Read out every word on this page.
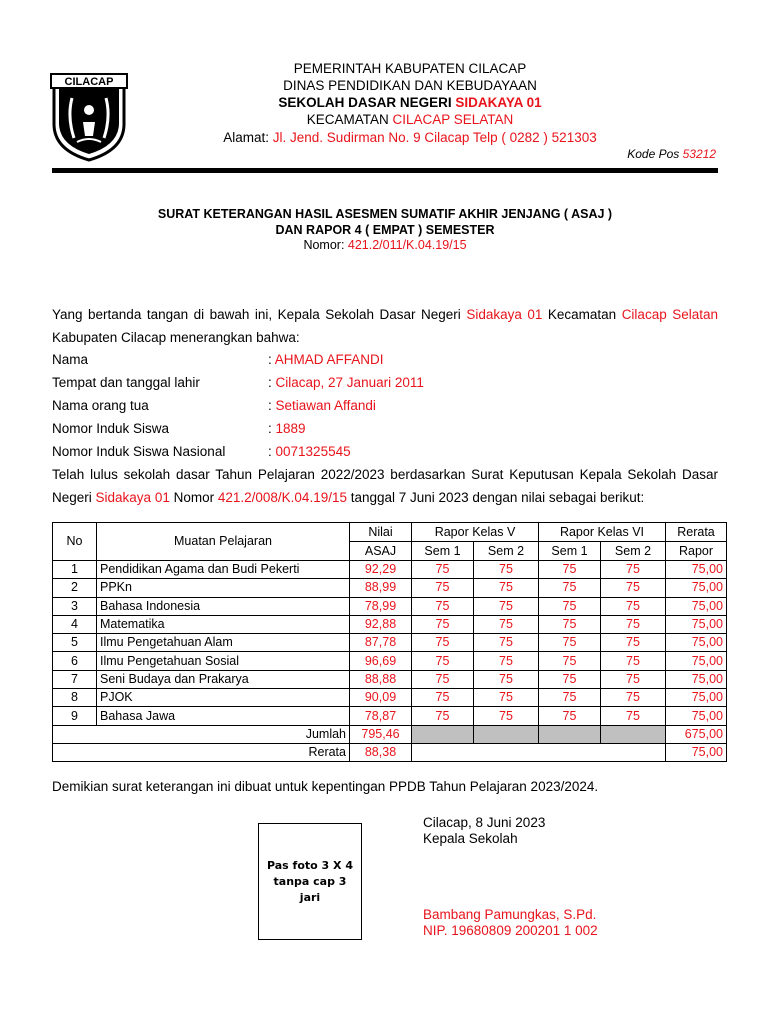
CILACAP
PEMERINTAH KABUPATEN CILACAP
DINAS PENDIDIKAN DAN KEBUDAYAAN
SEKOLAH DASAR NEGERI SIDAKAYA 01
KECAMATAN CILACAP SELATAN
Alamat: Jl. Jend. Sudirman No. 9 Cilacap Telp ( 0282 ) 521303
Kode Pos 53212
SURAT KETERANGAN HASIL ASESMEN SUMATIF AKHIR JENJANG ( ASAJ )
DAN RAPOR 4 ( EMPAT ) SEMESTER
Nomor: 421.2/011/K.04.19/15
Yang bertanda tangan di bawah ini, Kepala Sekolah Dasar Negeri Sidakaya 01 Kecamatan Cilacap Selatan Kabupaten Cilacap menerangkan bahwa:
Nama	: AHMAD AFFANDI
Tempat dan tanggal lahir	: Cilacap, 27 Januari 2011
Nama orang tua	: Setiawan Affandi
Nomor Induk Siswa	: 1889
Nomor Induk Siswa Nasional	: 0071325545
Telah lulus sekolah dasar Tahun Pelajaran 2022/2023 berdasarkan Surat Keputusan Kepala Sekolah Dasar Negeri Sidakaya 01 Nomor 421.2/008/K.04.19/15 tanggal 7 Juni 2023 dengan nilai sebagai berikut:
No	Muatan Pelajaran	Nilai	Rapor Kelas V		Rapor Kelas VI		Rerata
		ASAJ	Sem 1	Sem 2	Sem 1	Sem 2	Rapor
1	Pendidikan Agama dan Budi Pekerti	92,29	75	75	75	75	75,00
2	PPKn	88,99	75	75	75	75	75,00
3	Bahasa Indonesia	78,99	75	75	75	75	75,00
4	Matematika	92,88	75	75	75	75	75,00
5	Ilmu Pengetahuan Alam	87,78	75	75	75	75	75,00
6	Ilmu Pengetahuan Sosial	96,69	75	75	75	75	75,00
7	Seni Budaya dan Prakarya	88,88	75	75	75	75	75,00
8	PJOK	90,09	75	75	75	75	75,00
9	Bahasa Jawa	78,87	75	75	75	75	75,00
Jumlah		795,46					675,00
Rerata		88,38					75,00
Demikian surat keterangan ini dibuat untuk kepentingan PPDB Tahun Pelajaran 2023/2024.
Pas foto 3 X 4
tanpa cap 3
jari
Cilacap, 8 Juni 2023
Kepala Sekolah
Bambang Pamungkas, S.Pd.
NIP. 19680809 200201 1 002
